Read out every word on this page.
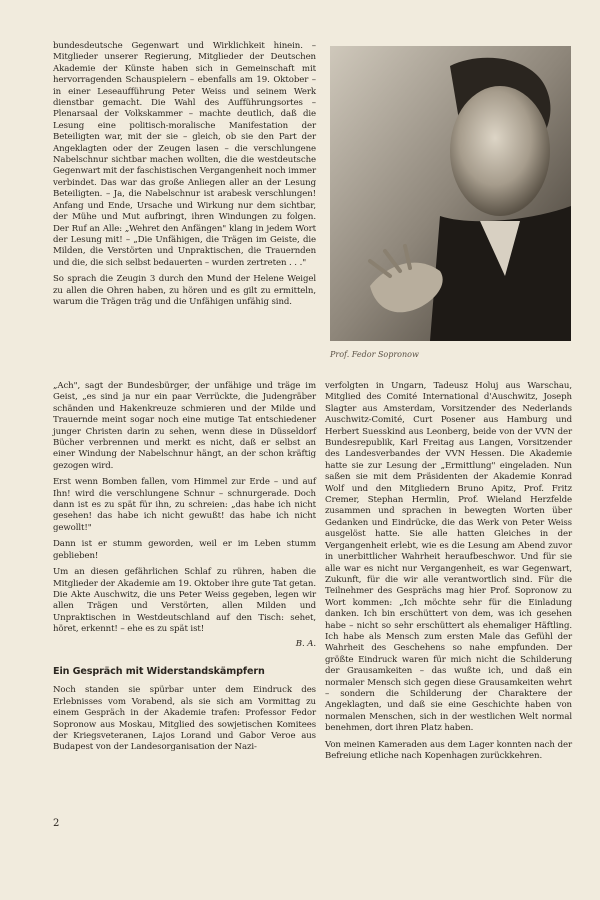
bundesdeutsche Gegenwart und Wirklichkeit hinein. – Mitglieder unserer Regierung, Mitglieder der Deutschen Akademie der Künste haben sich in Gemeinschaft mit hervorragenden Schauspielern – ebenfalls am 19. Oktober – in einer Leseaufführung Peter Weiss und seinem Werk dienstbar gemacht. Die Wahl des Aufführungsortes – Plenarsaal der Volkskammer – machte deutlich, daß die Lesung eine politisch-moralische Manifestation der Beteiligten war, mit der sie – gleich, ob sie den Part der Angeklagten oder der Zeugen lasen – die verschlungene Nabelschnur sichtbar machen wollten, die die westdeutsche Gegenwart mit der faschistischen Vergangenheit noch immer verbindet. Das war das große Anliegen aller an der Lesung Beteiligten. – Ja, die Nabelschnur ist arabesk verschlungen! Anfang und Ende, Ursache und Wirkung nur dem sichtbar, der Mühe und Mut aufbringt, ihren Windungen zu folgen. Der Ruf an Alle: „Wehret den Anfängen" klang in jedem Wort der Lesung mit! – „Die Unfähigen, die Trägen im Geiste, die Milden, die Verstörten und Unpraktischen, die Trauernden und die, die sich selbst bedauerten – wurden zertreten . . ."

So sprach die Zeugin 3 durch den Mund der Helene Weigel zu allen die Ohren haben, zu hören und es gilt zu ermitteln, warum die Trägen träg und die Unfähigen unfähig sind.

Prof. Fedor Sopronow

„Ach", sagt der Bundesbürger, der unfähige und träge im Geist, „es sind ja nur ein paar Verrückte, die Judengräber schänden und Hakenkreuze schmieren und der Milde und Trauernde meint sogar noch eine mutige Tat entschiedener junger Christen darin zu sehen, wenn diese in Düsseldorf Bücher verbrennen und merkt es nicht, daß er selbst an einer Windung der Nabelschnur hängt, an der schon kräftig gezogen wird.

Erst wenn Bomben fallen, vom Himmel zur Erde – und auf Ihn! wird die verschlungene Schnur – schnurgerade. Doch dann ist es zu spät für ihn, zu schreien: „das habe ich nicht gesehen! das habe ich nicht gewußt! das habe ich nicht gewollt!"

Dann ist er stumm geworden, weil er im Leben stumm geblieben!

Um an diesen gefährlichen Schlaf zu rühren, haben die Mitglieder der Akademie am 19. Oktober ihre gute Tat getan. Die Akte Auschwitz, die uns Peter Weiss gegeben, legen wir allen Trägen und Verstörten, allen Milden und Unpraktischen in Westdeutschland auf den Tisch: sehet, höret, erkennt! – ehe es zu spät ist!

B. A.
Ein Gespräch mit Widerstandskämpfern

Noch standen sie spürbar unter dem Eindruck des Erlebnisses vom Vorabend, als sie sich am Vormittag zu einem Gespräch in der Akademie trafen: Professor Fedor Sopronow aus Moskau, Mitglied des sowjetischen Komitees der Kriegsveteranen, Lajos Lorand und Gabor Veroe aus Budapest von der Landesorganisation der Nazi-

verfolgten in Ungarn, Tadeusz Holuj aus Warschau, Mitglied des Comité International d'Auschwitz, Joseph Slagter aus Amsterdam, Vorsitzender des Nederlands Auschwitz-Comité, Curt Posener aus Hamburg und Herbert Suesskind aus Leonberg, beide von der VVN der Bundesrepublik, Karl Freitag aus Langen, Vorsitzender des Landesverbandes der VVN Hessen. Die Akademie hatte sie zur Lesung der „Ermittlung" eingeladen. Nun saßen sie mit dem Präsidenten der Akademie Konrad Wolf und den Mitgliedern Bruno Apitz, Prof. Fritz Cremer, Stephan Hermlin, Prof. Wieland Herzfelde zusammen und sprachen in bewegten Worten über Gedanken und Eindrücke, die das Werk von Peter Weiss ausgelöst hatte. Sie alle hatten Gleiches in der Vergangenheit erlebt, wie es die Lesung am Abend zuvor in unerbittlicher Wahrheit heraufbeschwor. Und für sie alle war es nicht nur Vergangenheit, es war Gegenwart, Zukunft, für die wir alle verantwortlich sind. Für die Teilnehmer des Gesprächs mag hier Prof. Sopronow zu Wort kommen: „Ich möchte sehr für die Einladung danken. Ich bin erschüttert von dem, was ich gesehen habe – nicht so sehr erschüttert als ehemaliger Häftling. Ich habe als Mensch zum ersten Male das Gefühl der Wahrheit des Geschehens so nahe empfunden. Der größte Eindruck waren für mich nicht die Schilderung der Grausamkeiten – das wußte ich, und daß ein normaler Mensch sich gegen diese Grausamkeiten wehrt – sondern die Schilderung der Charaktere der Angeklagten, und daß sie eine Geschichte haben von normalen Menschen, sich in der westlichen Welt normal benehmen, dort ihren Platz haben.

Von meinen Kameraden aus dem Lager konnten nach der Befreiung etliche nach Kopenhagen zurückkehren.

2
